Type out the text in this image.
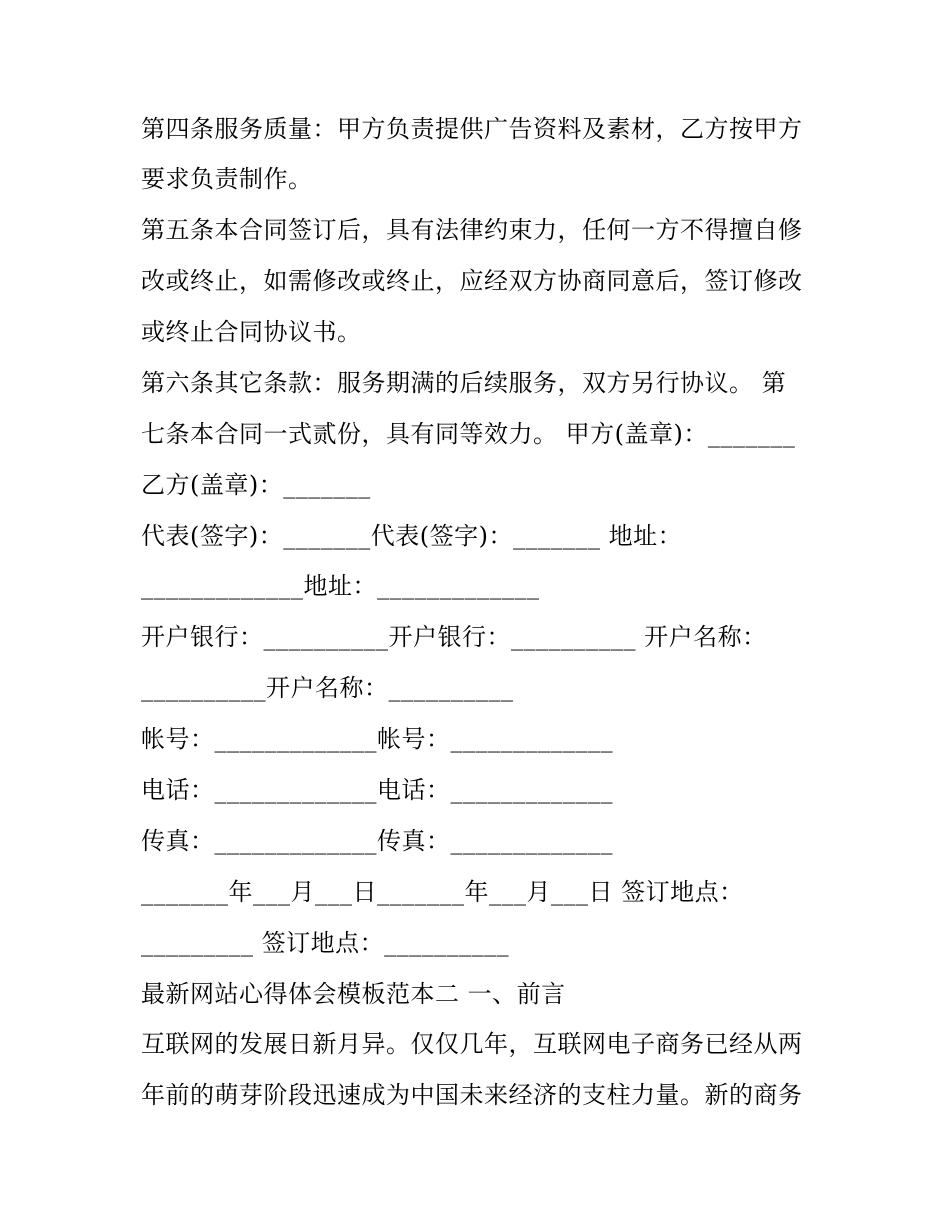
第四条服务质量：甲方负责提供广告资料及素材，乙方按甲方
要求负责制作。
第五条本合同签订后，具有法律约束力，任何一方不得擅自修
改或终止，如需修改或终止，应经双方协商同意后，签订修改
或终止合同协议书。
第六条其它条款：服务期满的后续服务，双方另行协议。 第
七条本合同一式贰份，具有同等效力。 甲方(盖章)：_______
乙方(盖章)：_______
代表(签字)：_______代表(签字)：_______ 地址：
_____________地址：_____________
开户银行：__________开户银行：__________ 开户名称：
__________开户名称：__________
帐号：_____________帐号：_____________
电话：_____________电话：_____________
传真：_____________传真：_____________
_______年___月___日_______年___月___日 签订地点：
_________ 签订地点：__________
最新网站心得体会模板范本二 一、前言
互联网的发展日新月异。仅仅几年，互联网电子商务已经从两
年前的萌芽阶段迅速成为中国未来经济的支柱力量。新的商务
